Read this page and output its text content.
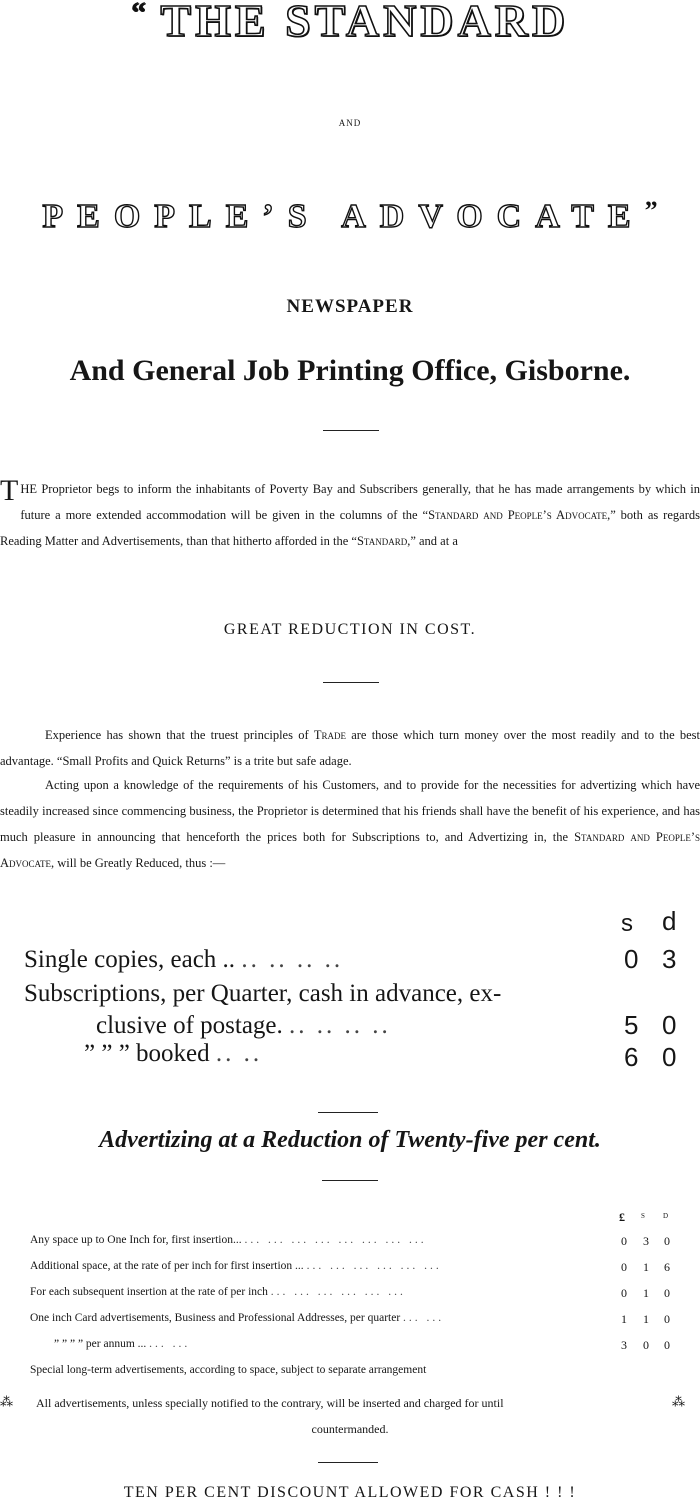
“ THE STANDARD
AND
PEOPLE’S ADVOCATE”
NEWSPAPER
And General Job Printing Office, Gisborne.
THE Proprietor begs to inform the inhabitants of Poverty Bay and Subscribers generally, that he has made arrangements by which in future a more extended accommodation will be given in the columns of the “Standard and People’s Advocate,” both as regards Reading Matter and Advertisements, than that hitherto afforded in the “Standard,” and at a
GREAT REDUCTION IN COST.
Experience has shown that the truest principles of Trade are those which turn money over the most readily and to the best advantage. “Small Profits and Quick Returns” is a trite but safe adage.
Acting upon a knowledge of the requirements of his Customers, and to provide for the necessities for advertizing which have steadily increased since commencing business, the Proprietor is determined that his friends shall have the benefit of his experience, and has much pleasure in announcing that henceforth the prices both for Subscriptions to, and Advertizing in, the Standard and People’s Advocate, will be Greatly Reduced, thus :—
s d
Single copies, each .. .. .. .. ..	0 3
Subscriptions, per Quarter, cash in advance, ex-
clusive of postage. .. .. .. ..	5 0
” ” ” booked .. ..	6 0
Advertizing at a Reduction of Twenty-five per cent.
£ s d
Any space up to One Inch for, first insertion... ... ... ... ... ... ... ... ...	0 3 0
Additional space, at the rate of per inch for first insertion ... ... ... ... ... ... ...	0 1 6
For each subsequent insertion at the rate of per inch ... ... ... ... ... ...	0 1 0
One inch Card advertisements, Business and Professional Addresses, per quarter ... ...	1 1 0
” ” ” ” per annum ... ... ...	3 0 0
Special long-term advertisements, according to space, subject to separate arrangement
⁂ All advertisements, unless specially notified to the contrary, will be inserted and charged for until	⁂
countermanded.
TEN PER CENT DISCOUNT ALLOWED FOR CASH ! ! !
